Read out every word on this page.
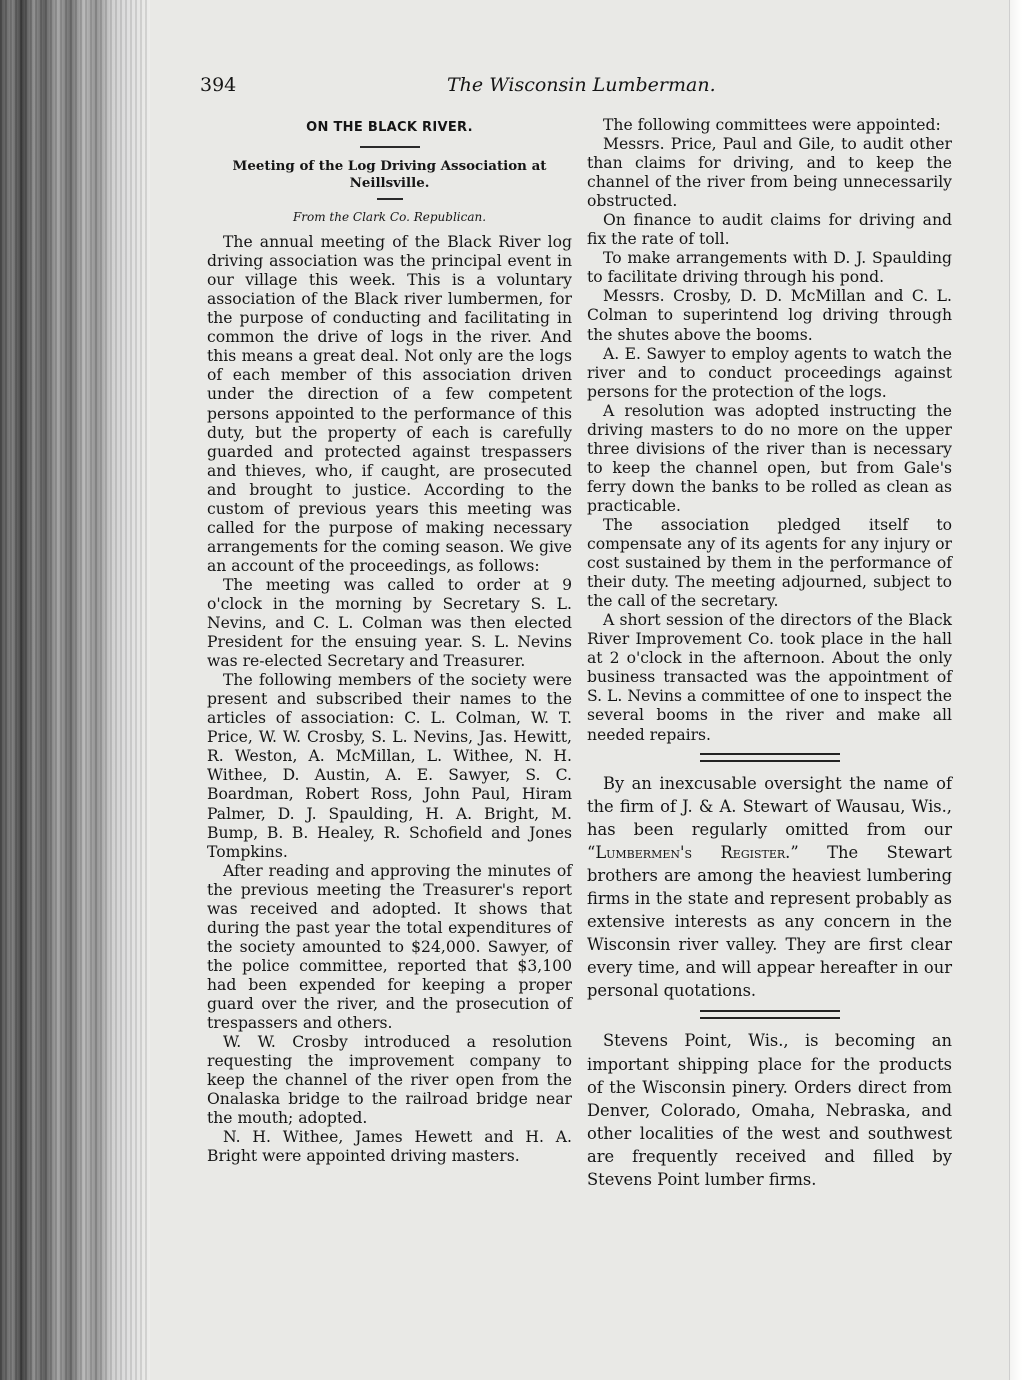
394	The Wisconsin Lumberman.
ON THE BLACK RIVER.
Meeting of the Log Driving Association at Neillsville.
From the Clark Co. Republican.

The annual meeting of the Black River log driving association was the principal event in our village this week. This is a voluntary association of the Black river lumbermen, for the purpose of conducting and facilitating in common the drive of logs in the river. And this means a great deal. Not only are the logs of each member of this association driven under the direction of a few competent persons appointed to the performance of this duty, but the property of each is carefully guarded and protected against trespassers and thieves, who, if caught, are prosecuted and brought to justice. According to the custom of previous years this meeting was called for the purpose of making necessary arrangements for the coming season. We give an account of the proceedings, as follows:

The meeting was called to order at 9 o'clock in the morning by Secretary S. L. Nevins, and C. L. Colman was then elected President for the ensuing year. S. L. Nevins was re-elected Secretary and Treasurer.

The following members of the society were present and subscribed their names to the articles of association: C. L. Colman, W. T. Price, W. W. Crosby, S. L. Nevins, Jas. Hewitt, R. Weston, A. McMillan, L. Withee, N. H. Withee, D. Austin, A. E. Sawyer, S. C. Boardman, Robert Ross, John Paul, Hiram Palmer, D. J. Spaulding, H. A. Bright, M. Bump, B. B. Healey, R. Schofield and Jones Tompkins.

After reading and approving the minutes of the previous meeting the Treasurer's report was received and adopted. It shows that during the past year the total expenditures of the society amounted to $24,000. Sawyer, of the police committee, reported that $3,100 had been expended for keeping a proper guard over the river, and the prosecution of trespassers and others.

W. W. Crosby introduced a resolution requesting the improvement company to keep the channel of the river open from the Onalaska bridge to the railroad bridge near the mouth; adopted.

N. H. Withee, James Hewett and H. A. Bright were appointed driving masters.

The following committees were appointed:

Messrs. Price, Paul and Gile, to audit other than claims for driving, and to keep the channel of the river from being unnecessarily obstructed.

On finance to audit claims for driving and fix the rate of toll.

To make arrangements with D. J. Spaulding to facilitate driving through his pond.

Messrs. Crosby, D. D. McMillan and C. L. Colman to superintend log driving through the shutes above the booms.

A. E. Sawyer to employ agents to watch the river and to conduct proceedings against persons for the protection of the logs.

A resolution was adopted instructing the driving masters to do no more on the upper three divisions of the river than is necessary to keep the channel open, but from Gale's ferry down the banks to be rolled as clean as practicable.

The association pledged itself to compensate any of its agents for any injury or cost sustained by them in the performance of their duty. The meeting adjourned, subject to the call of the secretary.

A short session of the directors of the Black River Improvement Co. took place in the hall at 2 o'clock in the afternoon. About the only business transacted was the appointment of S. L. Nevins a committee of one to inspect the several booms in the river and make all needed repairs.

By an inexcusable oversight the name of the firm of J. & A. Stewart of Wausau, Wis., has been regularly omitted from our “Lumbermen's Register.” The Stewart brothers are among the heaviest lumbering firms in the state and represent probably as extensive interests as any concern in the Wisconsin river valley. They are first clear every time, and will appear hereafter in our personal quotations.

Stevens Point, Wis., is becoming an important shipping place for the products of the Wisconsin pinery. Orders direct from Denver, Colorado, Omaha, Nebraska, and other localities of the west and southwest are frequently received and filled by Stevens Point lumber firms.
